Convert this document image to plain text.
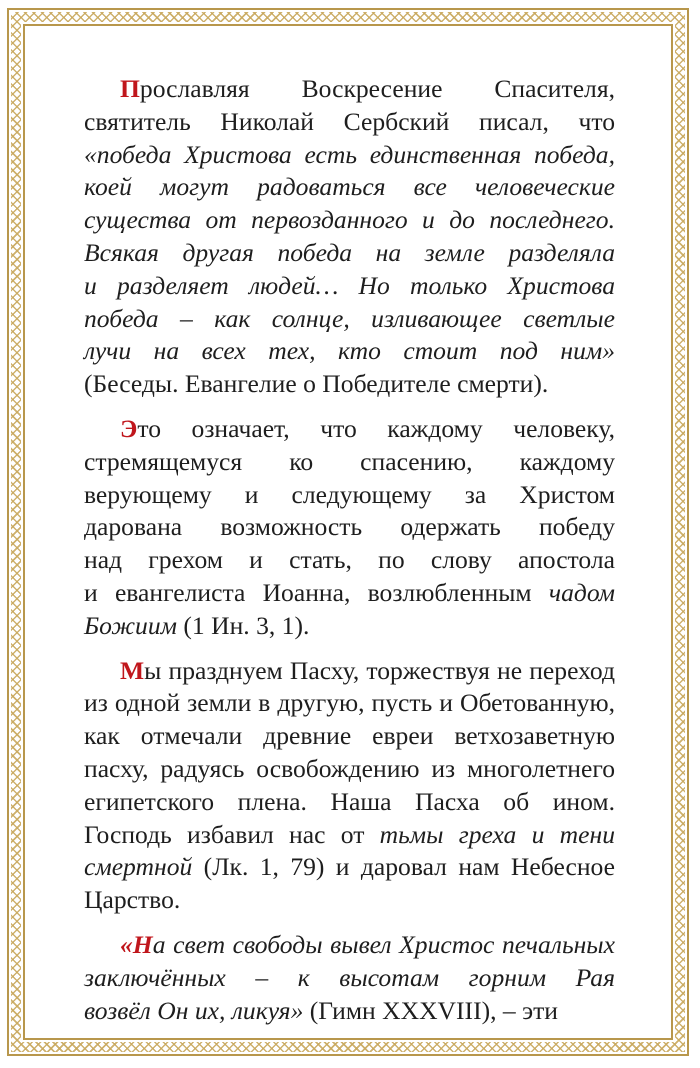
Прославляя Воскресение Спасителя,
святитель Николай Сербский писал, что
«победа Христова есть единственная победа,
коей могут радоваться все человеческие
существа от первозданного и до последнего.
Всякая другая победа на земле разделяла
и разделяет людей… Но только Христова
победа – как солнце, изливающее светлые
лучи на всех тех, кто стоит под ним»
(Беседы. Евангелие о Победителе смерти).
Это означает, что каждому человеку,
стремящемуся ко спасению, каждому
верующему и следующему за Христом
дарована возможность одержать победу
над грехом и стать, по слову апостола
и евангелиста Иоанна, возлюбленным чадом
Божиим (1 Ин. 3, 1).
Мы празднуем Пасху, торжествуя не переход
из одной земли в другую, пусть и Обетованную,
как отмечали древние евреи ветхозаветную
пасху, радуясь освобождению из многолетнего
египетского плена. Наша Пасха об ином.
Господь избавил нас от тьмы греха и тени
смертной (Лк. 1, 79) и даровал нам Небесное
Царство.
«На свет свободы вывел Христос печальных
заключённых – к высотам горним Рая
возвёл Он их, ликуя» (Гимн XXXVIII), – эти
